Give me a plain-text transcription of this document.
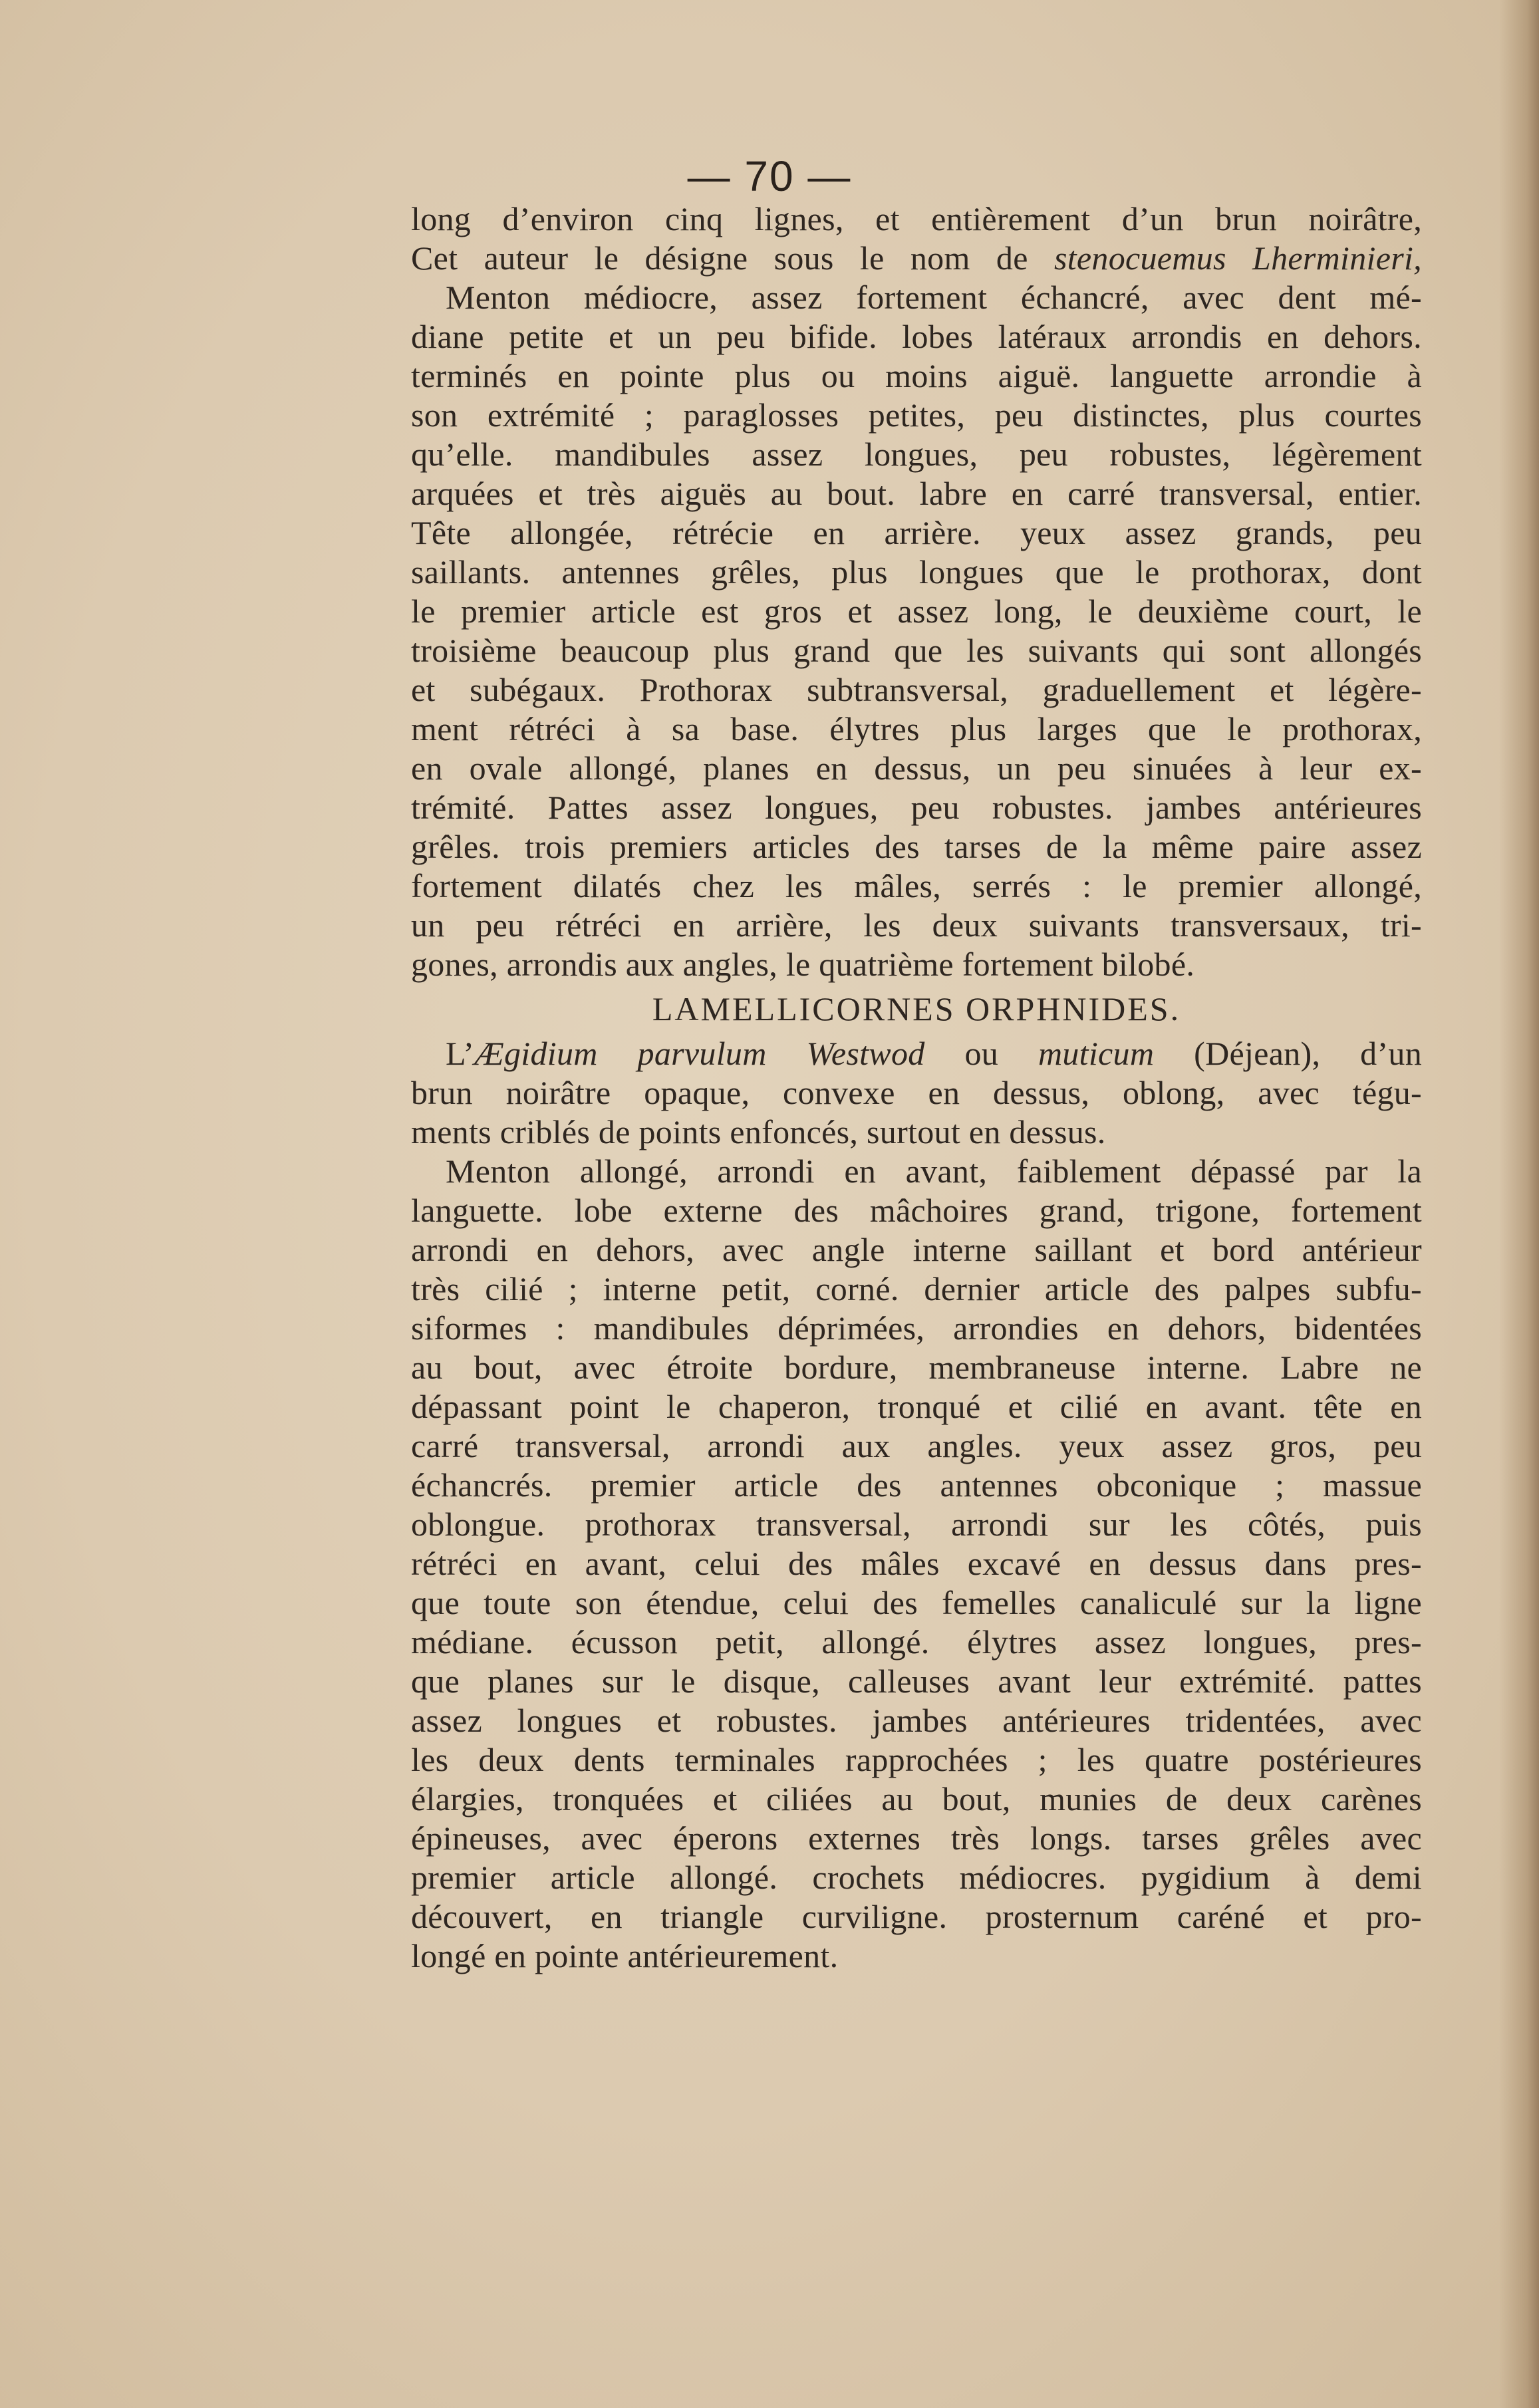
— 70 —
long d’environ cinq lignes, et entièrement d’un brun noirâtre,
Cet auteur le désigne sous le nom de stenocuemus Lherminieri,
Menton médiocre, assez fortement échancré, avec dent mé-
diane petite et un peu bifide. lobes latéraux arrondis en dehors.
terminés en pointe plus ou moins aiguë. languette arrondie à
son extrémité ; paraglosses petites, peu distinctes, plus courtes
qu’elle. mandibules assez longues, peu robustes, légèrement
arquées et très aiguës au bout. labre en carré transversal, entier.
Tête allongée, rétrécie en arrière. yeux assez grands, peu
saillants. antennes grêles, plus longues que le prothorax, dont
le premier article est gros et assez long, le deuxième court, le
troisième beaucoup plus grand que les suivants qui sont allongés
et subégaux. Prothorax subtransversal, graduellement et légère-
ment rétréci à sa base. élytres plus larges que le prothorax,
en ovale allongé, planes en dessus, un peu sinuées à leur ex-
trémité. Pattes assez longues, peu robustes. jambes antérieures
grêles. trois premiers articles des tarses de la même paire assez
fortement dilatés chez les mâles, serrés : le premier allongé,
un peu rétréci en arrière, les deux suivants transversaux, tri-
gones, arrondis aux angles, le quatrième fortement bilobé.
LAMELLICORNES ORPHNIDES.
L’Ægidium parvulum Westwod ou muticum (Déjean), d’un
brun noirâtre opaque, convexe en dessus, oblong, avec tégu-
ments criblés de points enfoncés, surtout en dessus.
Menton allongé, arrondi en avant, faiblement dépassé par la
languette. lobe externe des mâchoires grand, trigone, fortement
arrondi en dehors, avec angle interne saillant et bord antérieur
très cilié ; interne petit, corné. dernier article des palpes subfu-
siformes : mandibules déprimées, arrondies en dehors, bidentées
au bout, avec étroite bordure, membraneuse interne. Labre ne
dépassant point le chaperon, tronqué et cilié en avant. tête en
carré transversal, arrondi aux angles. yeux assez gros, peu
échancrés. premier article des antennes obconique ; massue
oblongue. prothorax transversal, arrondi sur les côtés, puis
rétréci en avant, celui des mâles excavé en dessus dans pres-
que toute son étendue, celui des femelles canaliculé sur la ligne
médiane. écusson petit, allongé. élytres assez longues, pres-
que planes sur le disque, calleuses avant leur extrémité. pattes
assez longues et robustes. jambes antérieures tridentées, avec
les deux dents terminales rapprochées ; les quatre postérieures
élargies, tronquées et ciliées au bout, munies de deux carènes
épineuses, avec éperons externes très longs. tarses grêles avec
premier article allongé. crochets médiocres. pygidium à demi
découvert, en triangle curviligne. prosternum caréné et pro-
longé en pointe antérieurement.
